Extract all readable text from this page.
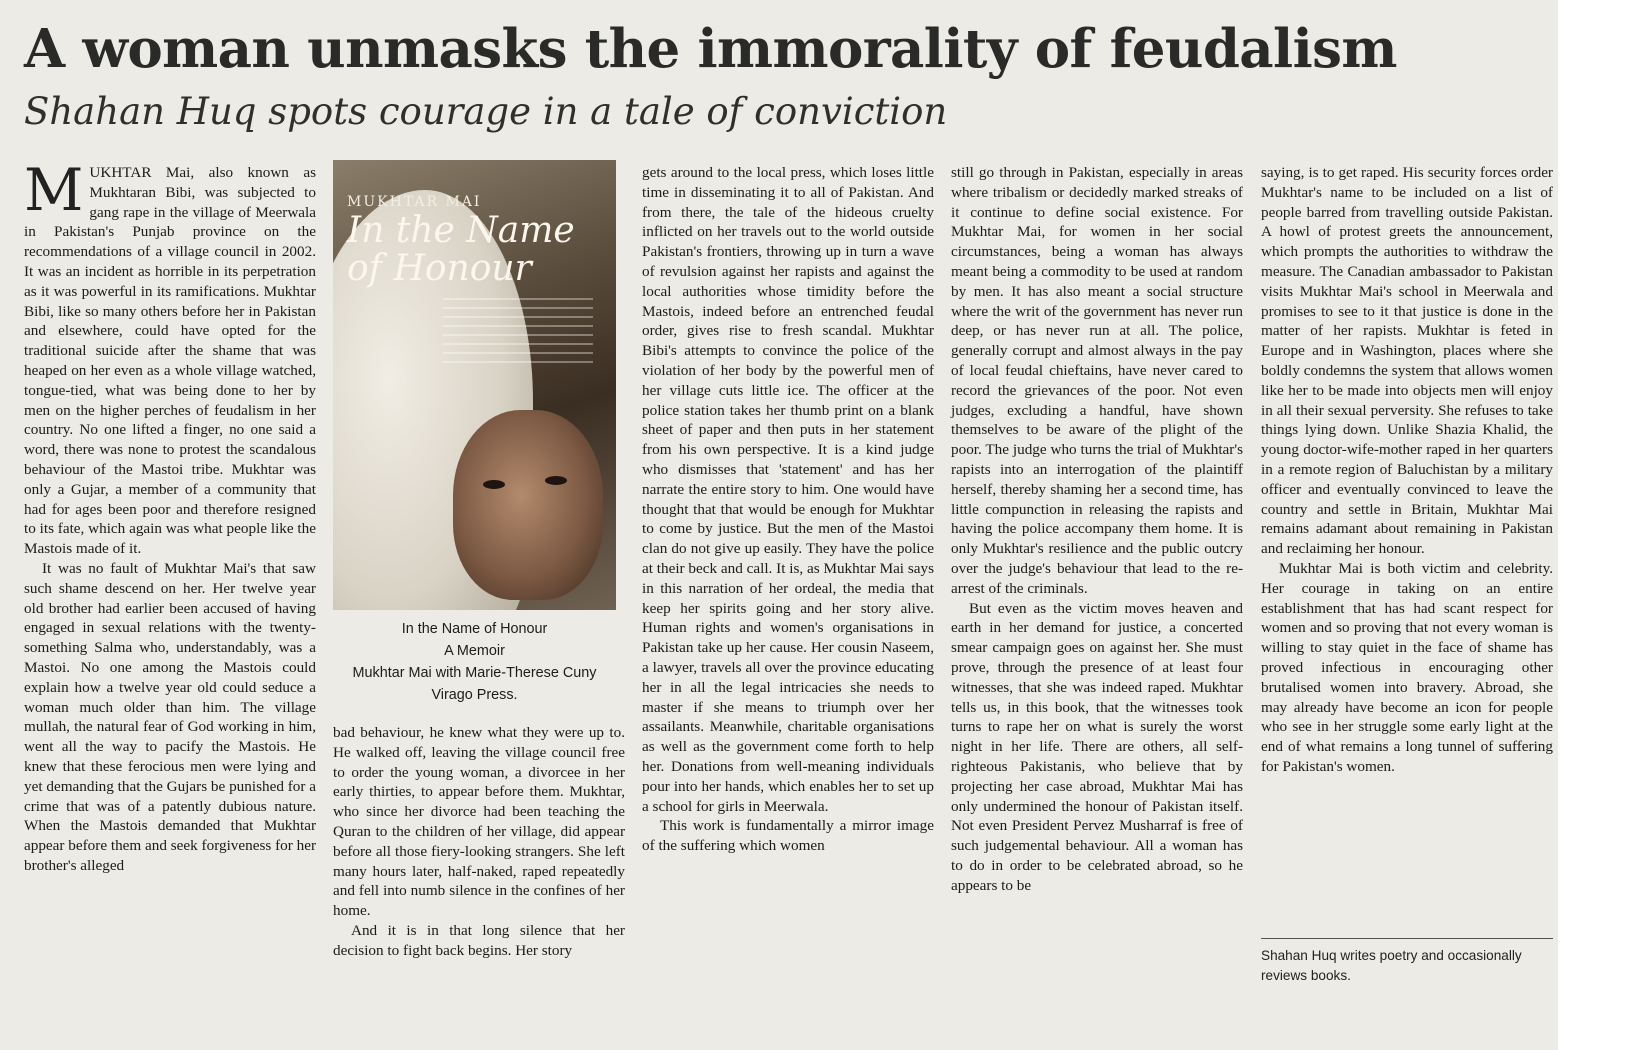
A woman unmasks the immorality of feudalism
Shahan Huq spots courage in a tale of conviction

MUKHTAR Mai, also known as Mukhtaran Bibi, was subjected to gang rape in the village of Meerwala in Pakistan's Punjab province on the recommendations of a village council in 2002. It was an incident as horrible in its perpetration as it was powerful in its ramifications. Mukhtar Bibi, like so many others before her in Pakistan and elsewhere, could have opted for the traditional suicide after the shame that was heaped on her even as a whole village watched, tongue-tied, what was being done to her by men on the higher perches of feudalism in her country. No one lifted a finger, no one said a word, there was none to protest the scandalous behaviour of the Mastoi tribe. Mukhtar was only a Gujar, a member of a community that had for ages been poor and therefore resigned to its fate, which again was what people like the Mastois made of it.

It was no fault of Mukhtar Mai's that saw such shame descend on her. Her twelve year old brother had earlier been accused of having engaged in sexual relations with the twenty-something Salma who, understandably, was a Mastoi. No one among the Mastois could explain how a twelve year old could seduce a woman much older than him. The village mullah, the natural fear of God working in him, went all the way to pacify the Mastois. He knew that these ferocious men were lying and yet demanding that the Gujars be punished for a crime that was of a patently dubious nature. When the Mastois demanded that Mukhtar appear before them and seek forgiveness for her brother's alleged

MUKHTAR MAI
In the Name of Honour
In the Name of Honour
A Memoir
Mukhtar Mai with Marie-Therese Cuny
Virago Press.

bad behaviour, he knew what they were up to. He walked off, leaving the village council free to order the young woman, a divorcee in her early thirties, to appear before them. Mukhtar, who since her divorce had been teaching the Quran to the children of her village, did appear before all those fiery-looking strangers. She left many hours later, half-naked, raped repeatedly and fell into numb silence in the confines of her home.

And it is in that long silence that her decision to fight back begins. Her story

gets around to the local press, which loses little time in disseminating it to all of Pakistan. And from there, the tale of the hideous cruelty inflicted on her travels out to the world outside Pakistan's frontiers, throwing up in turn a wave of revulsion against her rapists and against the local authorities whose timidity before the Mastois, indeed before an entrenched feudal order, gives rise to fresh scandal. Mukhtar Bibi's attempts to convince the police of the violation of her body by the powerful men of her village cuts little ice. The officer at the police station takes her thumb print on a blank sheet of paper and then puts in her statement from his own perspective. It is a kind judge who dismisses that 'statement' and has her narrate the entire story to him. One would have thought that that would be enough for Mukhtar to come by justice. But the men of the Mastoi clan do not give up easily. They have the police at their beck and call. It is, as Mukhtar Mai says in this narration of her ordeal, the media that keep her spirits going and her story alive. Human rights and women's organisations in Pakistan take up her cause. Her cousin Naseem, a lawyer, travels all over the province educating her in all the legal intricacies she needs to master if she means to triumph over her assailants. Meanwhile, charitable organisations as well as the government come forth to help her. Donations from well-meaning individuals pour into her hands, which enables her to set up a school for girls in Meerwala.

This work is fundamentally a mirror image of the suffering which women

still go through in Pakistan, especially in areas where tribalism or decidedly marked streaks of it continue to define social existence. For Mukhtar Mai, for women in her social circumstances, being a woman has always meant being a commodity to be used at random by men. It has also meant a social structure where the writ of the government has never run deep, or has never run at all. The police, generally corrupt and almost always in the pay of local feudal chieftains, have never cared to record the grievances of the poor. Not even judges, excluding a handful, have shown themselves to be aware of the plight of the poor. The judge who turns the trial of Mukhtar's rapists into an interrogation of the plaintiff herself, thereby shaming her a second time, has little compunction in releasing the rapists and having the police accompany them home. It is only Mukhtar's resilience and the public outcry over the judge's behaviour that lead to the re-arrest of the criminals.

But even as the victim moves heaven and earth in her demand for justice, a concerted smear campaign goes on against her. She must prove, through the presence of at least four witnesses, that she was indeed raped. Mukhtar tells us, in this book, that the witnesses took turns to rape her on what is surely the worst night in her life. There are others, all self-righteous Pakistanis, who believe that by projecting her case abroad, Mukhtar Mai has only undermined the honour of Pakistan itself. Not even President Pervez Musharraf is free of such judgemental behaviour. All a woman has to do in order to be celebrated abroad, so he appears to be

saying, is to get raped. His security forces order Mukhtar's name to be included on a list of people barred from travelling outside Pakistan. A howl of protest greets the announcement, which prompts the authorities to withdraw the measure. The Canadian ambassador to Pakistan visits Mukhtar Mai's school in Meerwala and promises to see to it that justice is done in the matter of her rapists. Mukhtar is feted in Europe and in Washington, places where she boldly condemns the system that allows women like her to be made into objects men will enjoy in all their sexual perversity. She refuses to take things lying down. Unlike Shazia Khalid, the young doctor-wife-mother raped in her quarters in a remote region of Baluchistan by a military officer and eventually convinced to leave the country and settle in Britain, Mukhtar Mai remains adamant about remaining in Pakistan and reclaiming her honour.

Mukhtar Mai is both victim and celebrity. Her courage in taking on an entire establishment that has had scant respect for women and so proving that not every woman is willing to stay quiet in the face of shame has proved infectious in encouraging other brutalised women into bravery. Abroad, she may already have become an icon for people who see in her struggle some early light at the end of what remains a long tunnel of suffering for Pakistan's women.

Shahan Huq writes poetry and occasionally reviews books.
